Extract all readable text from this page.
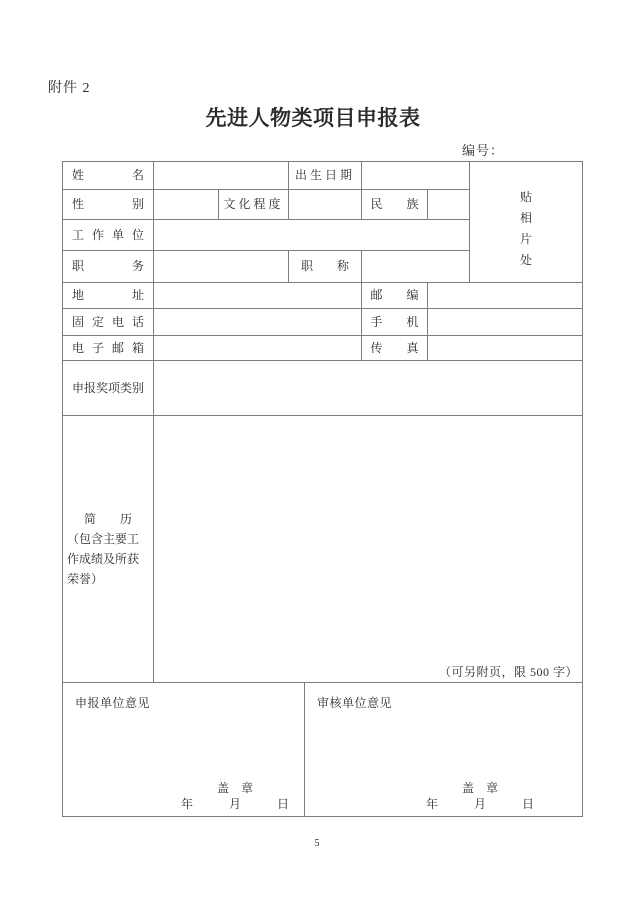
附件 2
先进人物类项目申报表
编号：
姓　　名	出生日期
贴相片处
性　　别	文化程度	民　　族
工作单位
职　　务	职　　称
地　　址	邮　　编
固定电话	手　　机
电子邮箱	传　　真
申报奖项类别
简　　历
（包含主要工作成绩及所获荣誉）
（可另附页，限 500 字）
申报单位意见
盖　章
年　　　月　　　日
审核单位意见
盖　章
年　　　月　　　日
5
